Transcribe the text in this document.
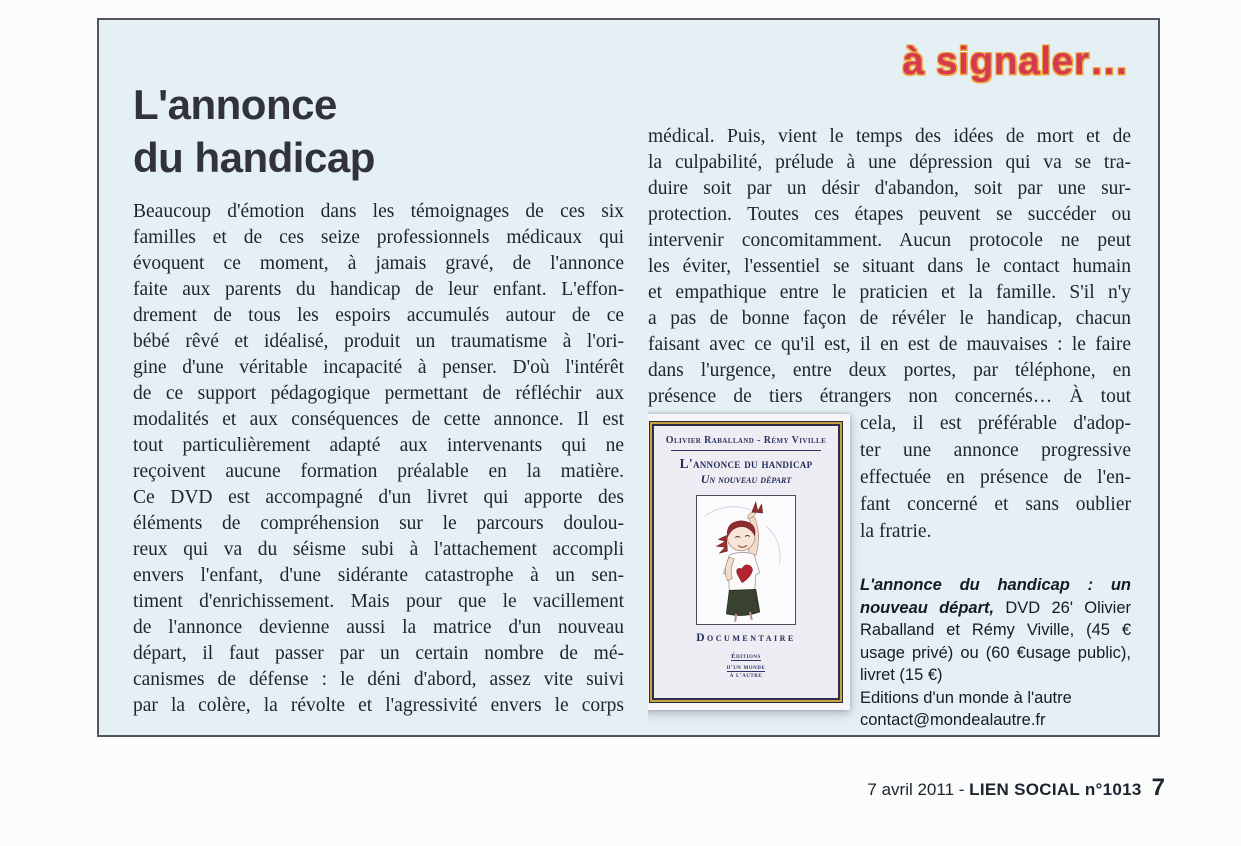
à signaler…
L'annonce
du handicap
Beaucoup d'émotion dans les témoignages de ces six
familles et de ces seize professionnels médicaux qui
évoquent ce moment, à jamais gravé, de l'annonce
faite aux parents du handicap de leur enfant. L'effon-
drement de tous les espoirs accumulés autour de ce
bébé rêvé et idéalisé, produit un traumatisme à l'ori-
gine d'une véritable incapacité à penser. D'où l'intérêt
de ce support pédagogique permettant de réfléchir aux
modalités et aux conséquences de cette annonce. Il est
tout particulièrement adapté aux intervenants qui ne
reçoivent aucune formation préalable en la matière.
Ce DVD est accompagné d'un livret qui apporte des
éléments de compréhension sur le parcours doulou-
reux qui va du séisme subi à l'attachement accompli
envers l'enfant, d'une sidérante catastrophe à un sen-
timent d'enrichissement. Mais pour que le vacillement
de l'annonce devienne aussi la matrice d'un nouveau
départ, il faut passer par un certain nombre de mé-
canismes de défense : le déni d'abord, assez vite suivi
par la colère, la révolte et l'agressivité envers le corps
médical. Puis, vient le temps des idées de mort et de
la culpabilité, prélude à une dépression qui va se tra-
duire soit par un désir d'abandon, soit par une sur-
protection. Toutes ces étapes peuvent se succéder ou
intervenir concomitamment. Aucun protocole ne peut
les éviter, l'essentiel se situant dans le contact humain
et empathique entre le praticien et la famille. S'il n'y
a pas de bonne façon de révéler le handicap, chacun
faisant avec ce qu'il est, il en est de mauvaises : le faire
dans l'urgence, entre deux portes, par téléphone, en
présence de tiers étrangers non concernés… À tout
Olivier Raballand - Rémy Viville
L'annonce du handicap
Un nouveau départ
Documentaire
Éditions
d'un monde

à l'autre
cela, il est préférable d'adop-
ter une annonce progressive
effectuée en présence de l'en-
fant concerné et sans oublier
la fratrie.
L'annonce du handicap : un nouveau départ, DVD 26' Olivier Raballand et Rémy Viville, (45 € usage privé) ou (60 €usage public), livret (15 €)
Editions d'un monde à l'autre
contact@mondealautre.fr
7 avril 2011 - LIEN SOCIAL n°1013 7
